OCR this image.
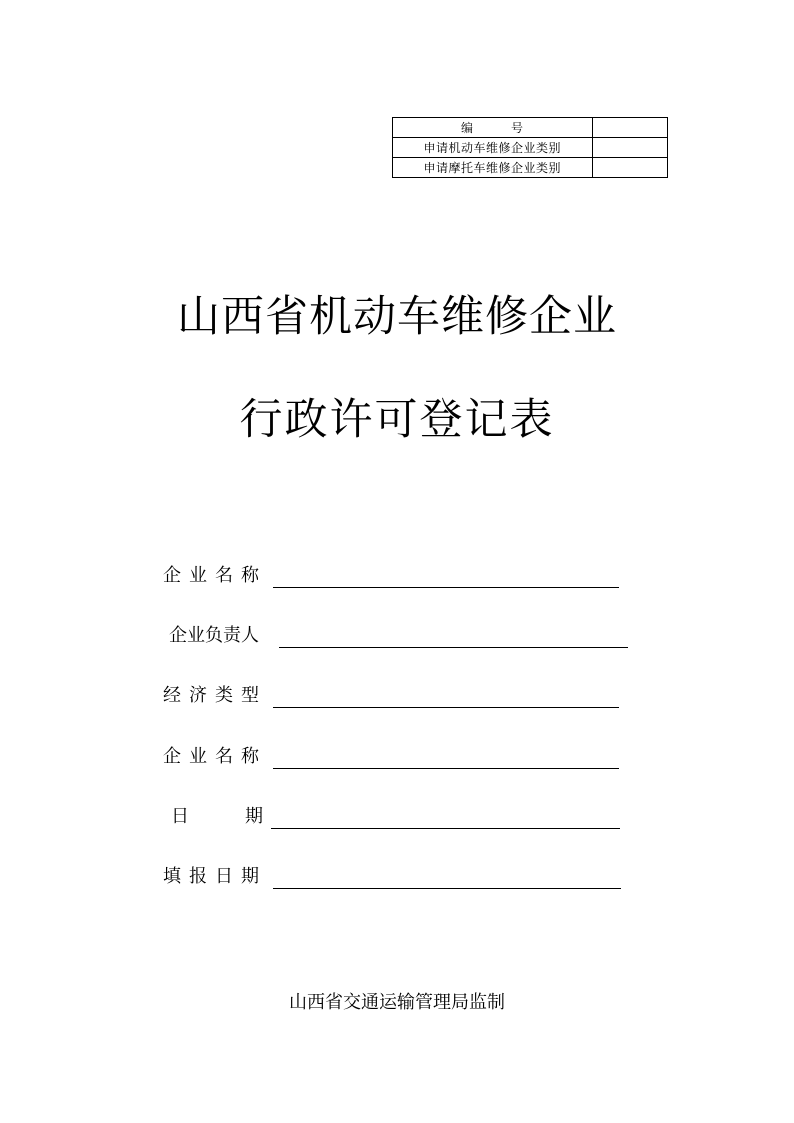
编　　　号	
申请机动车维修企业类别	
申请摩托车维修企业类别	
山西省机动车维修企业
行政许可登记表
企业名称
企业负责人
经济类型
企业名称
日	期
填报日期
山西省交通运输管理局监制
